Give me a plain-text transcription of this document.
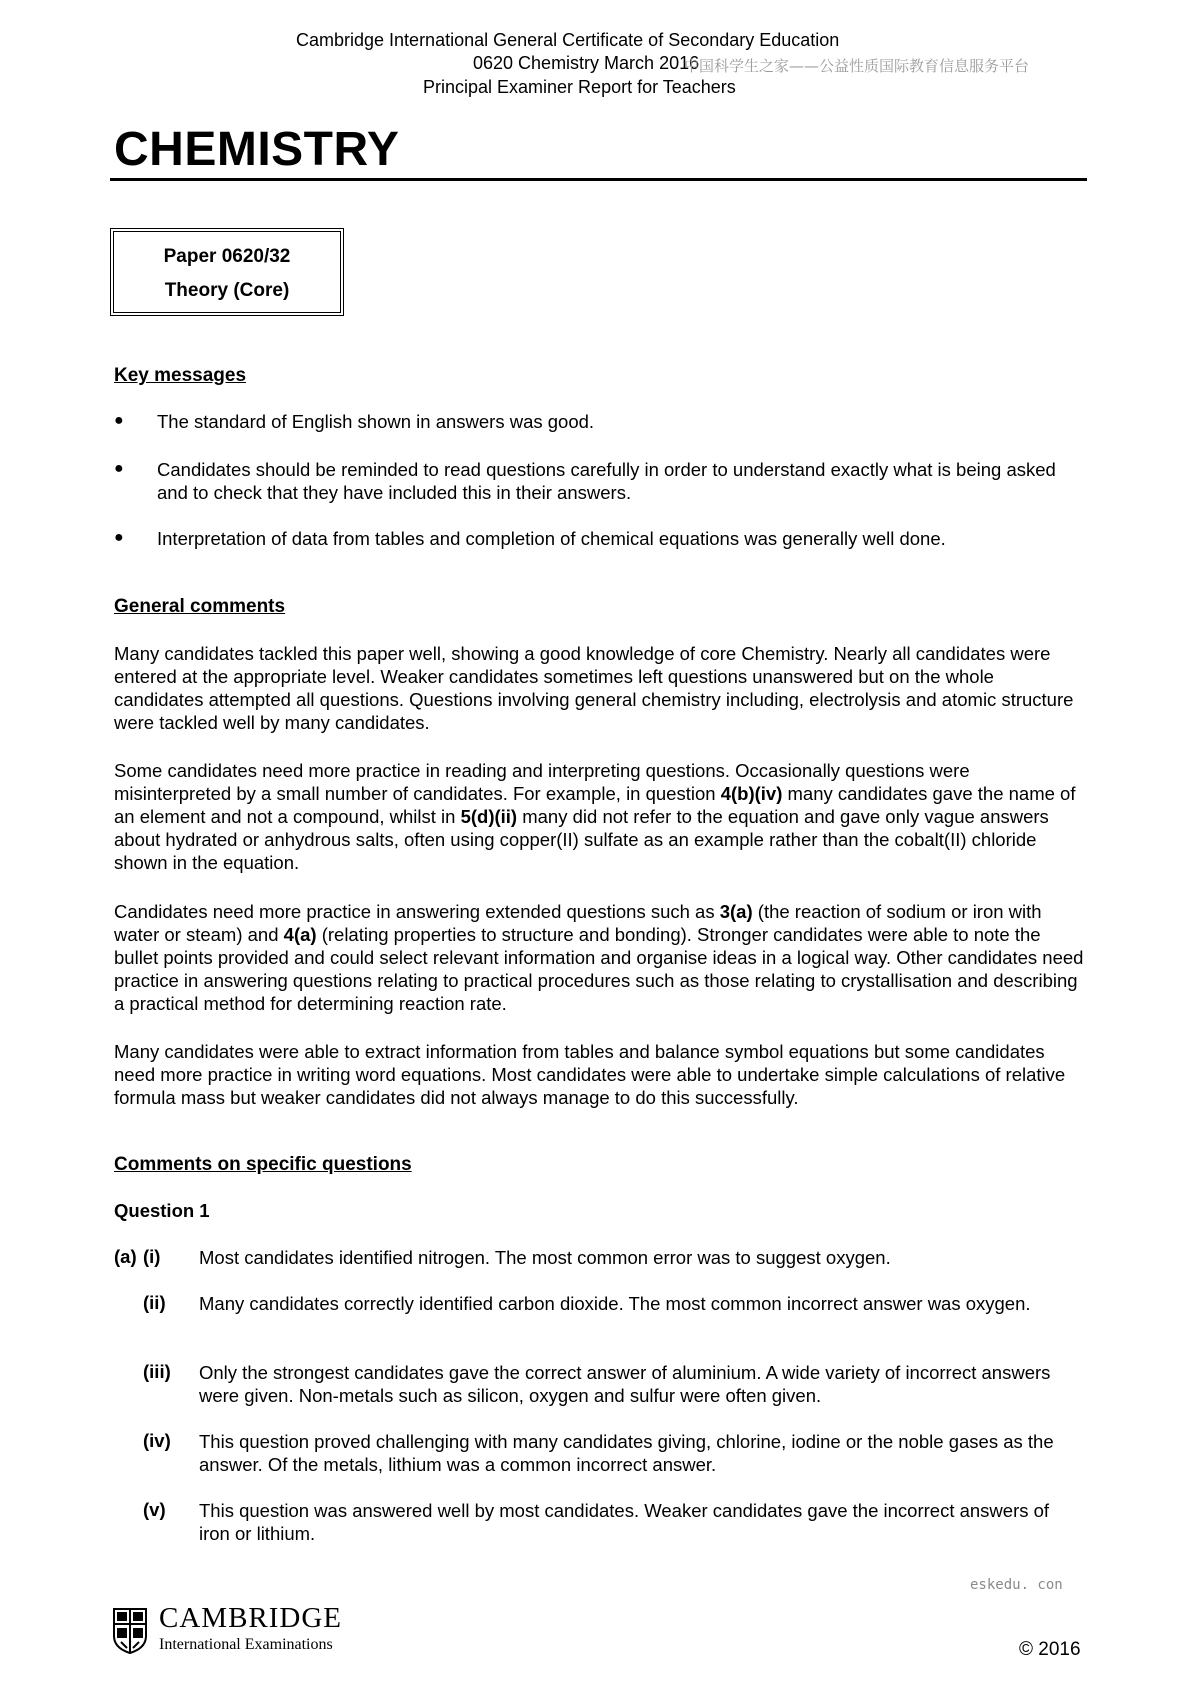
Cambridge International General Certificate of Secondary Education
0620 Chemistry March 2016
中国科学生之家——公益性质国际教育信息服务平台
Principal Examiner Report for Teachers
CHEMISTRY
Paper 0620/32
Theory (Core)
Key messages
● The standard of English shown in answers was good.
● Candidates should be reminded to read questions carefully in order to understand exactly what is being asked and to check that they have included this in their answers.
● Interpretation of data from tables and completion of chemical equations was generally well done.
General comments
Many candidates tackled this paper well, showing a good knowledge of core Chemistry. Nearly all candidates were entered at the appropriate level. Weaker candidates sometimes left questions unanswered but on the whole candidates attempted all questions. Questions involving general chemistry including, electrolysis and atomic structure were tackled well by many candidates.
Some candidates need more practice in reading and interpreting questions. Occasionally questions were misinterpreted by a small number of candidates. For example, in question 4(b)(iv) many candidates gave the name of an element and not a compound, whilst in 5(d)(ii) many did not refer to the equation and gave only vague answers about hydrated or anhydrous salts, often using copper(II) sulfate as an example rather than the cobalt(II) chloride shown in the equation.
Candidates need more practice in answering extended questions such as 3(a) (the reaction of sodium or iron with water or steam) and 4(a) (relating properties to structure and bonding). Stronger candidates were able to note the bullet points provided and could select relevant information and organise ideas in a logical way. Other candidates need practice in answering questions relating to practical procedures such as those relating to crystallisation and describing a practical method for determining reaction rate.
Many candidates were able to extract information from tables and balance symbol equations but some candidates need more practice in writing word equations. Most candidates were able to undertake simple calculations of relative formula mass but weaker candidates did not always manage to do this successfully.
Comments on specific questions
Question 1
(a) (i) Most candidates identified nitrogen. The most common error was to suggest oxygen.
(ii) Many candidates correctly identified carbon dioxide. The most common incorrect answer was oxygen.
(iii) Only the strongest candidates gave the correct answer of aluminium. A wide variety of incorrect answers were given. Non-metals such as silicon, oxygen and sulfur were often given.
(iv) This question proved challenging with many candidates giving, chlorine, iodine or the noble gases as the answer. Of the metals, lithium was a common incorrect answer.
(v) This question was answered well by most candidates. Weaker candidates gave the incorrect answers of iron or lithium.
eskedu. con
CAMBRIDGE
International Examinations	© 2016
